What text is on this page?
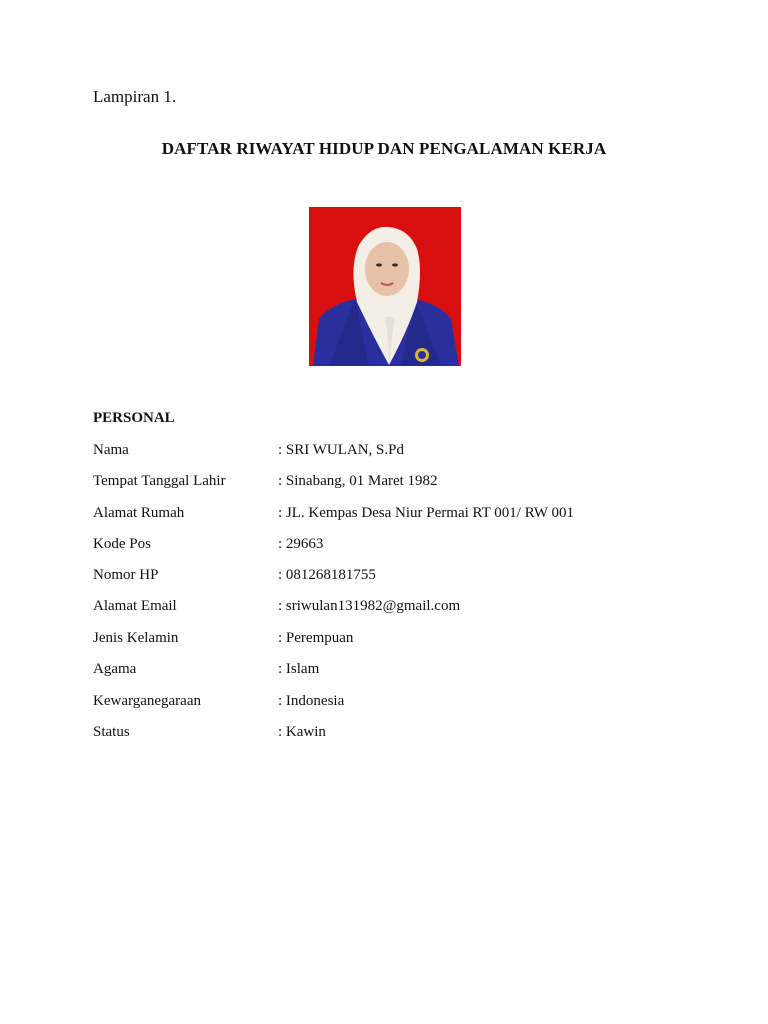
Lampiran 1.
DAFTAR RIWAYAT HIDUP DAN PENGALAMAN KERJA
PERSONAL
Nama	: SRI WULAN, S.Pd
Tempat Tanggal Lahir	: Sinabang, 01 Maret 1982
Alamat Rumah	: JL. Kempas Desa Niur Permai RT 001/ RW 001
Kode Pos	: 29663
Nomor HP	: 081268181755
Alamat Email	: sriwulan131982@gmail.com
Jenis Kelamin	: Perempuan
Agama	: Islam
Kewarganegaraan	: Indonesia
Status	: Kawin
